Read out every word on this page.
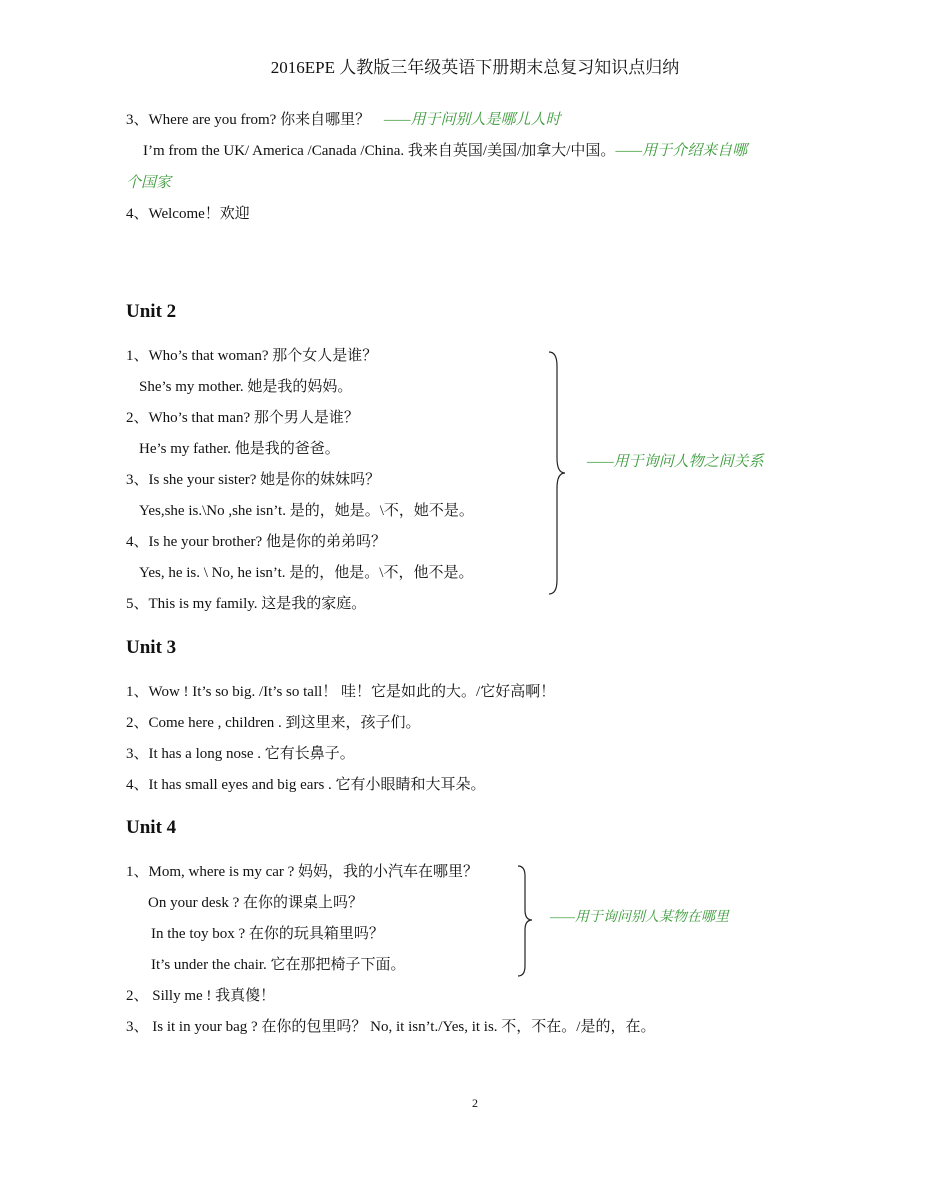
2016EPE 人教版三年级英语下册期末总复习知识点归纳
3、Where are you from? 你来自哪里？ ——用于问别人是哪儿人时
I’m from the UK/ America /Canada /China. 我来自英国/美国/加拿大/中国。——用于介绍来自哪
个国家
4、Welcome！欢迎
Unit 2
1、Who’s that woman? 那个女人是谁？
She’s my mother. 她是我的妈妈。
2、Who’s that man? 那个男人是谁？
He’s my father. 他是我的爸爸。
3、Is she your sister? 她是你的妹妹吗？
Yes,she is.\No ,she isn’t. 是的，她是。\不，她不是。
4、Is he your brother? 他是你的弟弟吗？
Yes, he is. \ No, he isn’t. 是的，他是。\不，他不是。
5、This is my family. 这是我的家庭。
——用于询问人物之间关系
Unit 3
1、Wow ! It’s so big. /It’s so tall！ 哇！它是如此的大。/它好高啊！
2、Come here , children . 到这里来，孩子们。
3、It has a long nose . 它有长鼻子。
4、It has small eyes and big ears . 它有小眼睛和大耳朵。
Unit 4
1、Mom, where is my car ? 妈妈，我的小汽车在哪里？
On your desk ? 在你的课桌上吗？
In the toy box ? 在你的玩具箱里吗？
It’s under the chair. 它在那把椅子下面。
2、 Silly me ! 我真傻！
3、 Is it in your bag ? 在你的包里吗？ No, it isn’t./Yes, it is. 不，不在。/是的，在。
——用于询问别人某物在哪里
2
